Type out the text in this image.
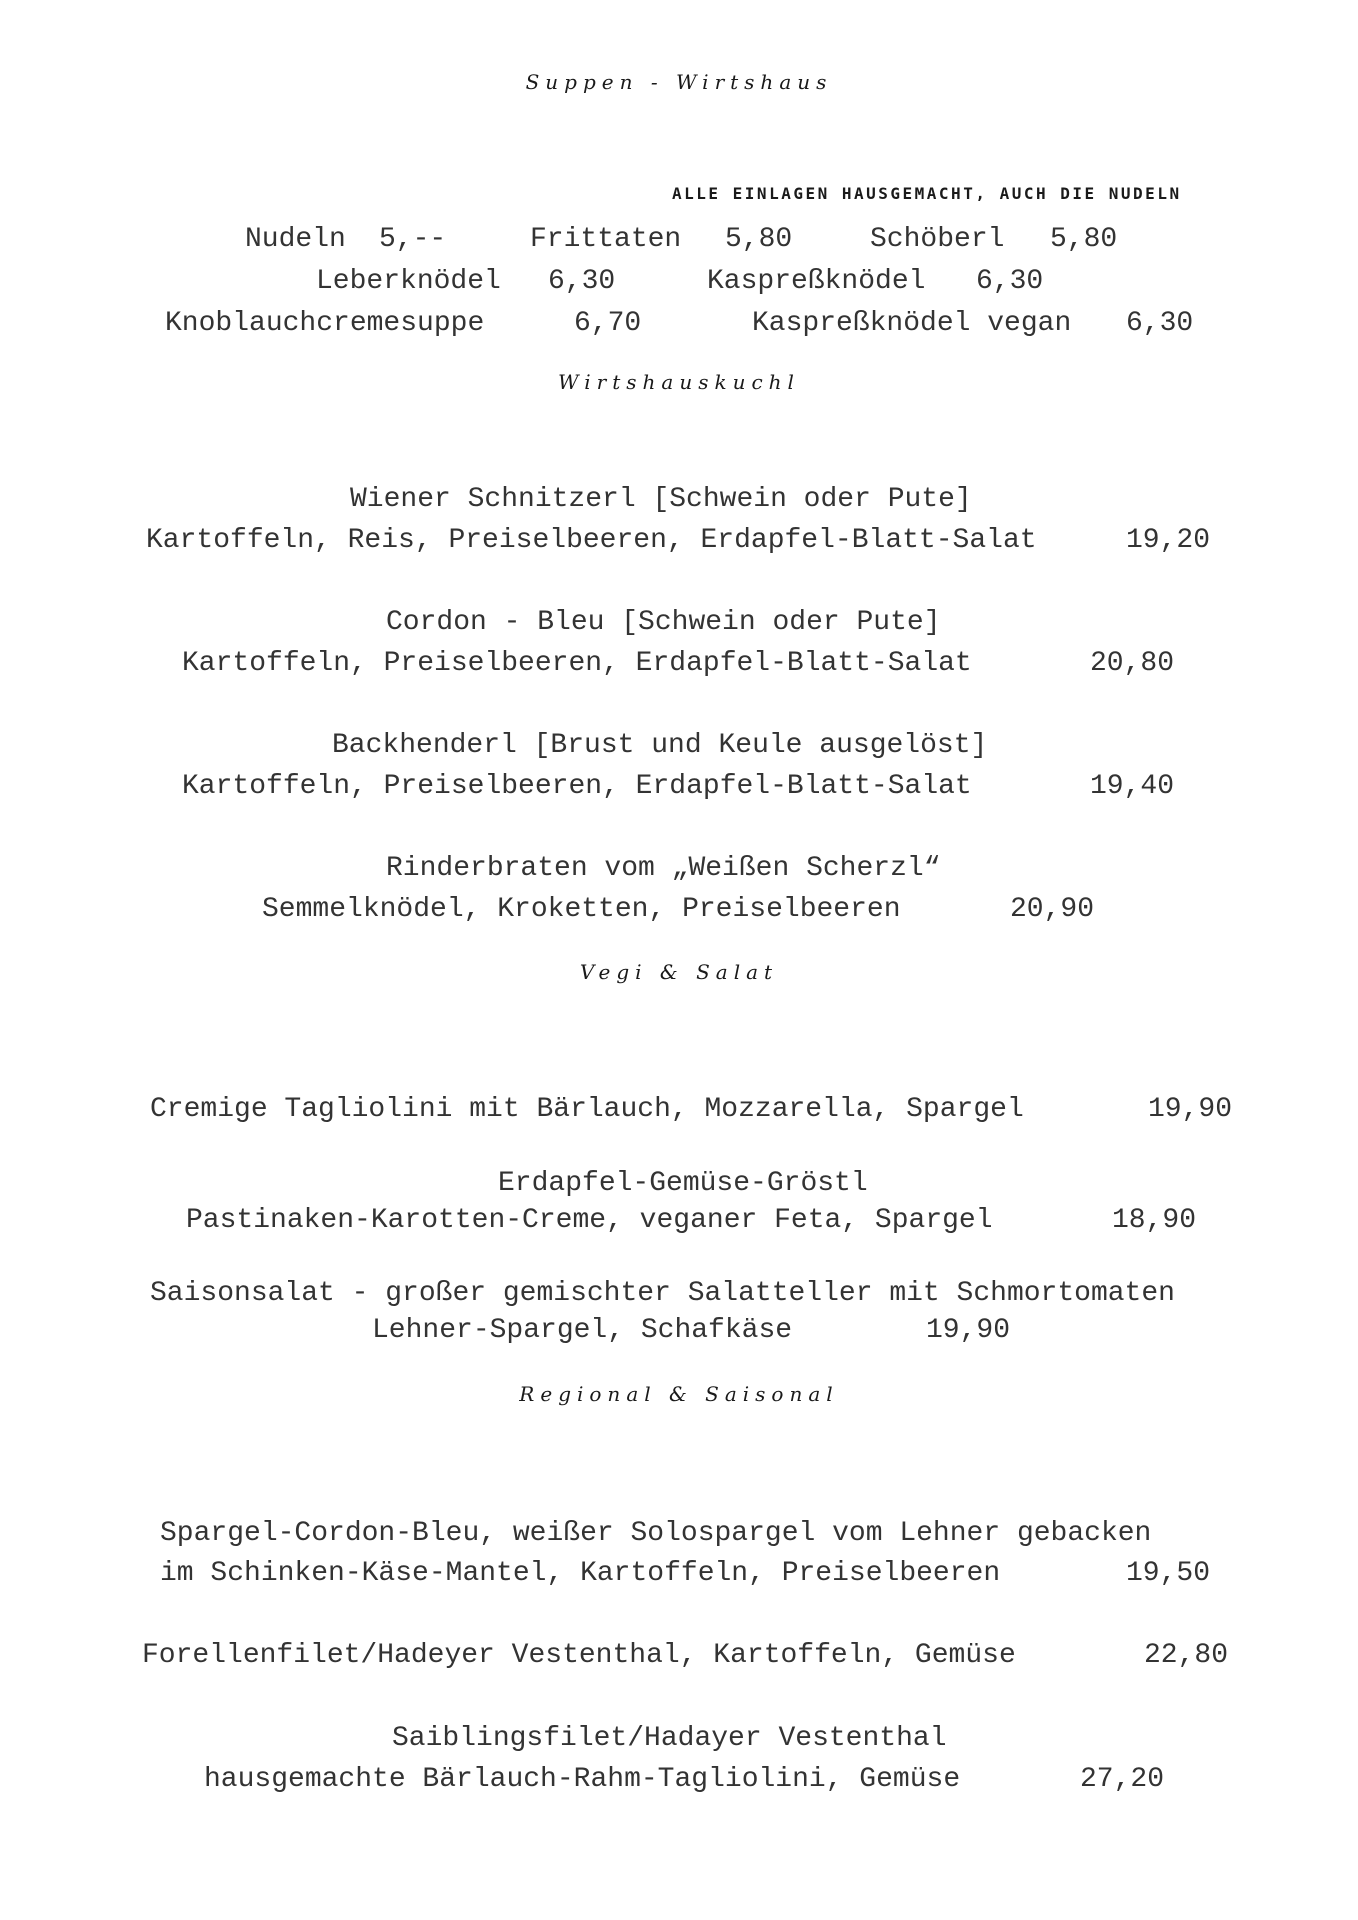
Suppen - Wirtshaus
ALLE EINLAGEN HAUSGEMACHT, AUCH DIE NUDELN
Nudeln 5,--	Frittaten 5,80	Schöberl 5,80
Leberknödel 6,30	Kaspreßknödel 6,30
Knoblauchcremesuppe	6,70	Kaspreßknödel vegan 6,30
Wirtshauskuchl
Wiener Schnitzerl [Schwein oder Pute]
Kartoffeln, Reis, Preiselbeeren, Erdapfel-Blatt-Salat	19,20
Cordon - Bleu [Schwein oder Pute]
Kartoffeln, Preiselbeeren, Erdapfel-Blatt-Salat	20,80
Backhenderl [Brust und Keule ausgelöst]
Kartoffeln, Preiselbeeren, Erdapfel-Blatt-Salat	19,40
Rinderbraten vom „Weißen Scherzl“
Semmelknödel, Kroketten, Preiselbeeren	20,90
Vegi & Salat
Cremige Tagliolini mit Bärlauch, Mozzarella, Spargel	19,90
Erdapfel-Gemüse-Gröstl
Pastinaken-Karotten-Creme, veganer Feta, Spargel	18,90
Saisonsalat - großer gemischter Salatteller mit Schmortomaten
Lehner-Spargel, Schafkäse	19,90
Regional & Saisonal
Spargel-Cordon-Bleu, weißer Solospargel vom Lehner gebacken
im Schinken-Käse-Mantel, Kartoffeln, Preiselbeeren	19,50
Forellenfilet/Hadeyer Vestenthal, Kartoffeln, Gemüse	22,80
Saiblingsfilet/Hadayer Vestenthal
hausgemachte Bärlauch-Rahm-Tagliolini, Gemüse	27,20
